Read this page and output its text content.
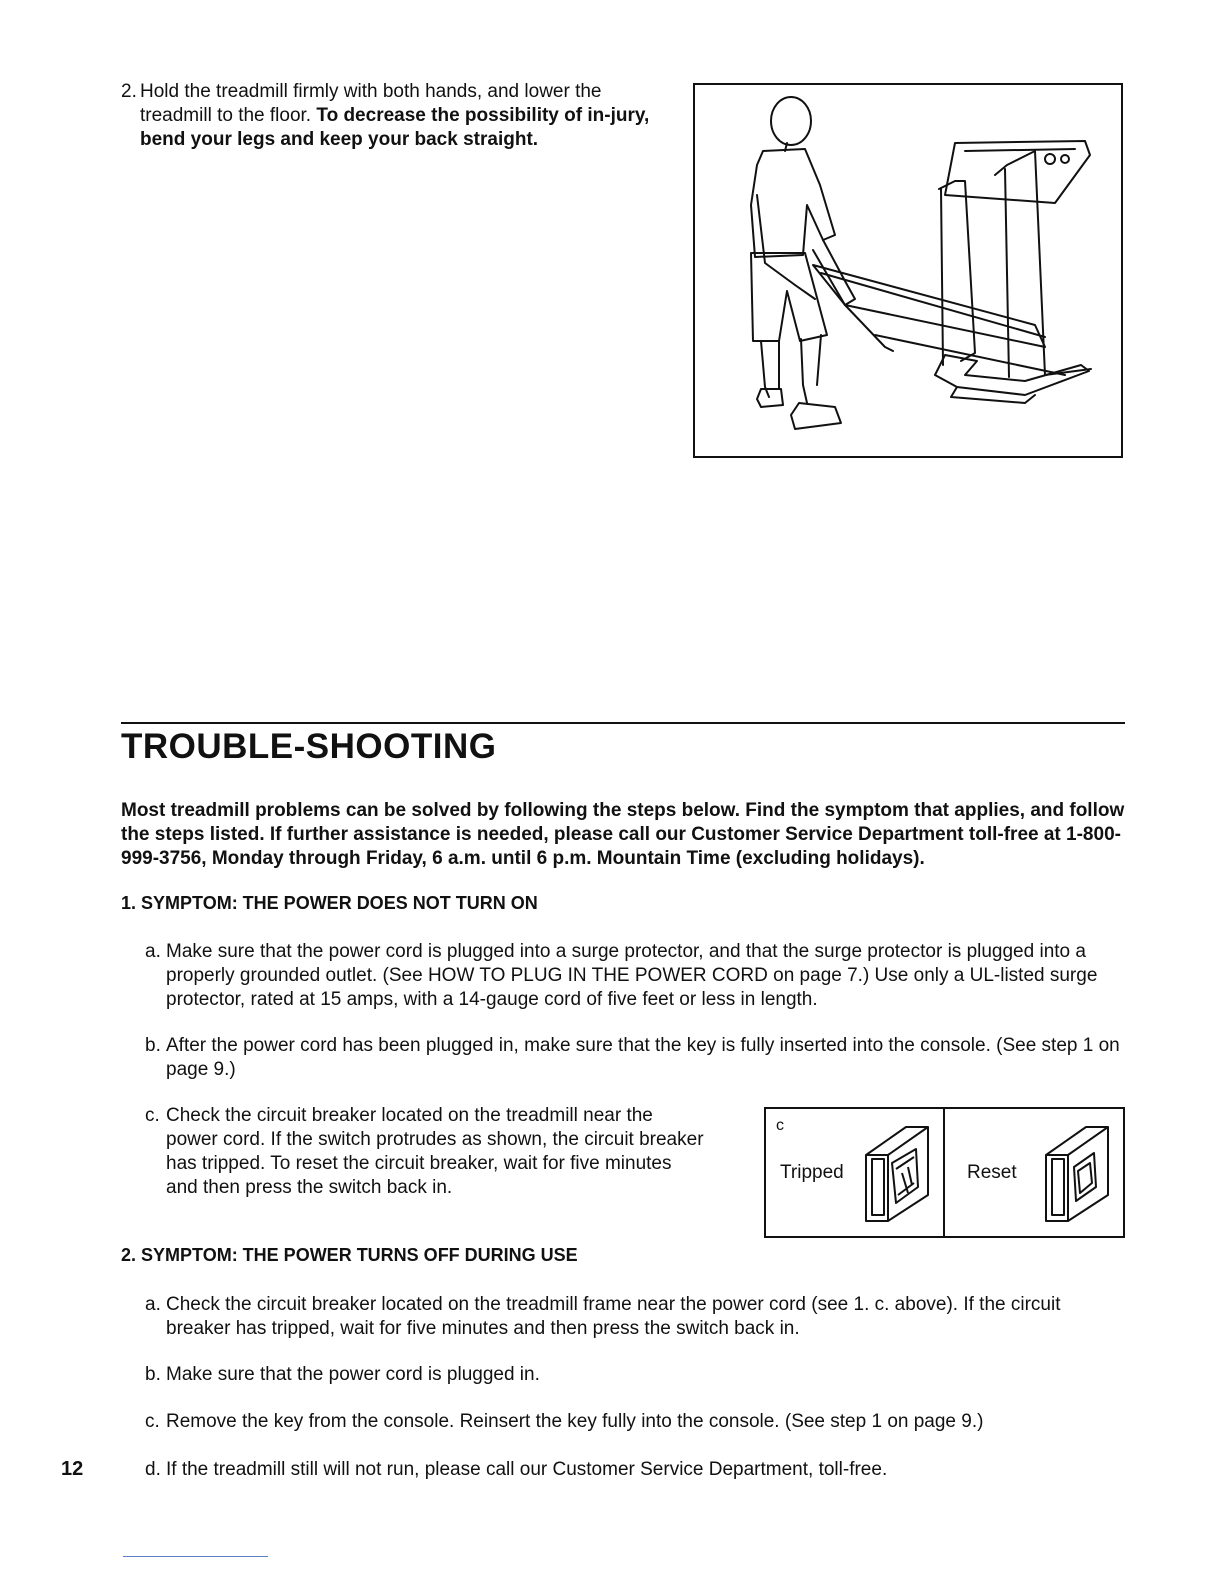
2. Hold the treadmill firmly with both hands, and lower the treadmill to the floor. To decrease the possibility of in-jury, bend your legs and keep your back straight.
TROUBLE-SHOOTING
Most treadmill problems can be solved by following the steps below. Find the symptom that applies, and follow the steps listed. If further assistance is needed, please call our Customer Service Department toll-free at 1-800-999-3756, Monday through Friday, 6 a.m. until 6 p.m. Mountain Time (excluding holidays).
1. SYMPTOM: THE POWER DOES NOT TURN ON
a. Make sure that the power cord is plugged into a surge protector, and that the surge protector is plugged into a properly grounded outlet. (See HOW TO PLUG IN THE POWER CORD on page 7.) Use only a UL-listed surge protector, rated at 15 amps, with a 14-gauge cord of five feet or less in length.
b. After the power cord has been plugged in, make sure that the key is fully inserted into the console. (See step 1 on page 9.)
c. Check the circuit breaker located on the treadmill near the power cord. If the switch protrudes as shown, the circuit breaker has tripped. To reset the circuit breaker, wait for five minutes and then press the switch back in.
c
Tripped	Reset
2. SYMPTOM: THE POWER TURNS OFF DURING USE
a. Check the circuit breaker located on the treadmill frame near the power cord (see 1. c. above). If the circuit breaker has tripped, wait for five minutes and then press the switch back in.
b. Make sure that the power cord is plugged in.
c. Remove the key from the console. Reinsert the key fully into the console. (See step 1 on page 9.)
d. If the treadmill still will not run, please call our Customer Service Department, toll-free.
12
